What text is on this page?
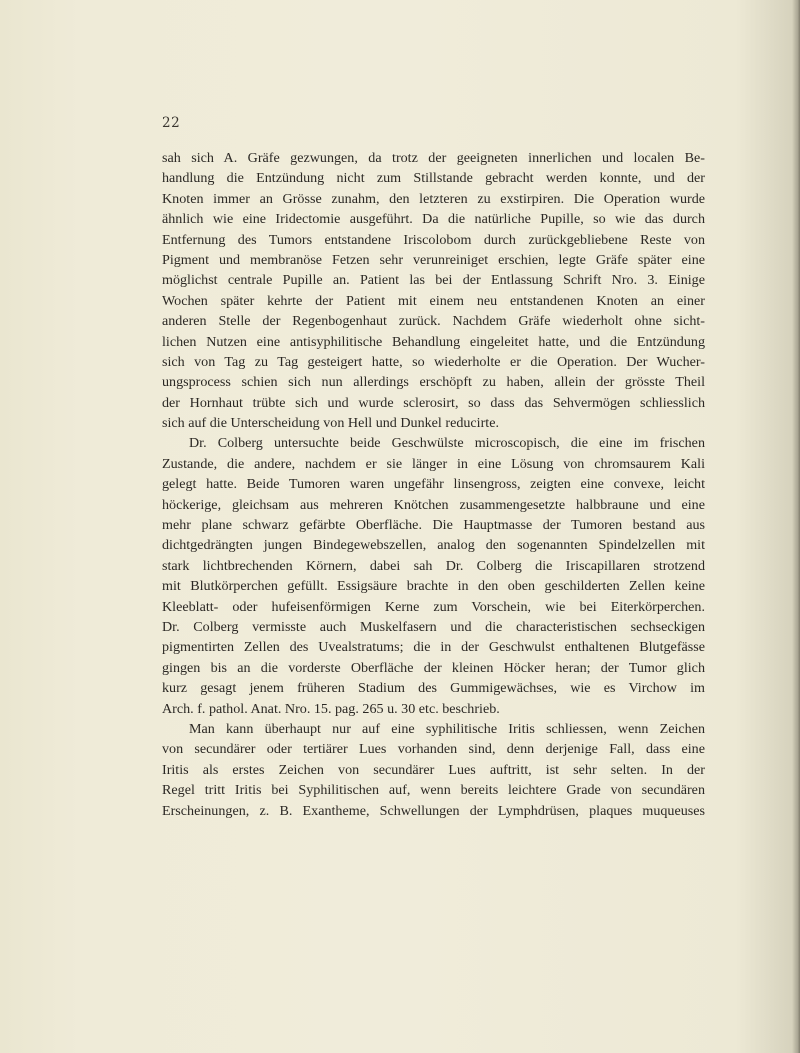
22
sah sich A. Gräfe gezwungen, da trotz der geeigneten innerlichen und localen Be-
handlung die Entzündung nicht zum Stillstande gebracht werden konnte, und der
Knoten immer an Grösse zunahm, den letzteren zu exstirpiren. Die Operation wurde
ähnlich wie eine Iridectomie ausgeführt. Da die natürliche Pupille, so wie das durch
Entfernung des Tumors entstandene Iriscolobom durch zurückgebliebene Reste von
Pigment und membranöse Fetzen sehr verunreiniget erschien, legte Gräfe später eine
möglichst centrale Pupille an. Patient las bei der Entlassung Schrift Nro. 3. Einige
Wochen später kehrte der Patient mit einem neu entstandenen Knoten an einer
anderen Stelle der Regenbogenhaut zurück. Nachdem Gräfe wiederholt ohne sicht-
lichen Nutzen eine antisyphilitische Behandlung eingeleitet hatte, und die Entzündung
sich von Tag zu Tag gesteigert hatte, so wiederholte er die Operation. Der Wucher-
ungsprocess schien sich nun allerdings erschöpft zu haben, allein der grösste Theil
der Hornhaut trübte sich und wurde sclerosirt, so dass das Sehvermögen schliesslich
sich auf die Unterscheidung von Hell und Dunkel reducirte.
Dr. Colberg untersuchte beide Geschwülste microscopisch, die eine im frischen
Zustande, die andere, nachdem er sie länger in eine Lösung von chromsaurem Kali
gelegt hatte. Beide Tumoren waren ungefähr linsengross, zeigten eine convexe, leicht
höckerige, gleichsam aus mehreren Knötchen zusammengesetzte halbbraune und eine
mehr plane schwarz gefärbte Oberfläche. Die Hauptmasse der Tumoren bestand aus
dichtgedrängten jungen Bindegewebszellen, analog den sogenannten Spindelzellen mit
stark lichtbrechenden Körnern, dabei sah Dr. Colberg die Iriscapillaren strotzend
mit Blutkörperchen gefüllt. Essigsäure brachte in den oben geschilderten Zellen keine
Kleeblatt- oder hufeisenförmigen Kerne zum Vorschein, wie bei Eiterkörperchen.
Dr. Colberg vermisste auch Muskelfasern und die characteristischen sechseckigen
pigmentirten Zellen des Uvealstratums; die in der Geschwulst enthaltenen Blutgefässe
gingen bis an die vorderste Oberfläche der kleinen Höcker heran; der Tumor glich
kurz gesagt jenem früheren Stadium des Gummigewächses, wie es Virchow im
Arch. f. pathol. Anat. Nro. 15. pag. 265 u. 30 etc. beschrieb.
Man kann überhaupt nur auf eine syphilitische Iritis schliessen, wenn Zeichen
von secundärer oder tertiärer Lues vorhanden sind, denn derjenige Fall, dass eine
Iritis als erstes Zeichen von secundärer Lues auftritt, ist sehr selten. In der
Regel tritt Iritis bei Syphilitischen auf, wenn bereits leichtere Grade von secundären
Erscheinungen, z. B. Exantheme, Schwellungen der Lymphdrüsen, plaques muqueuses
